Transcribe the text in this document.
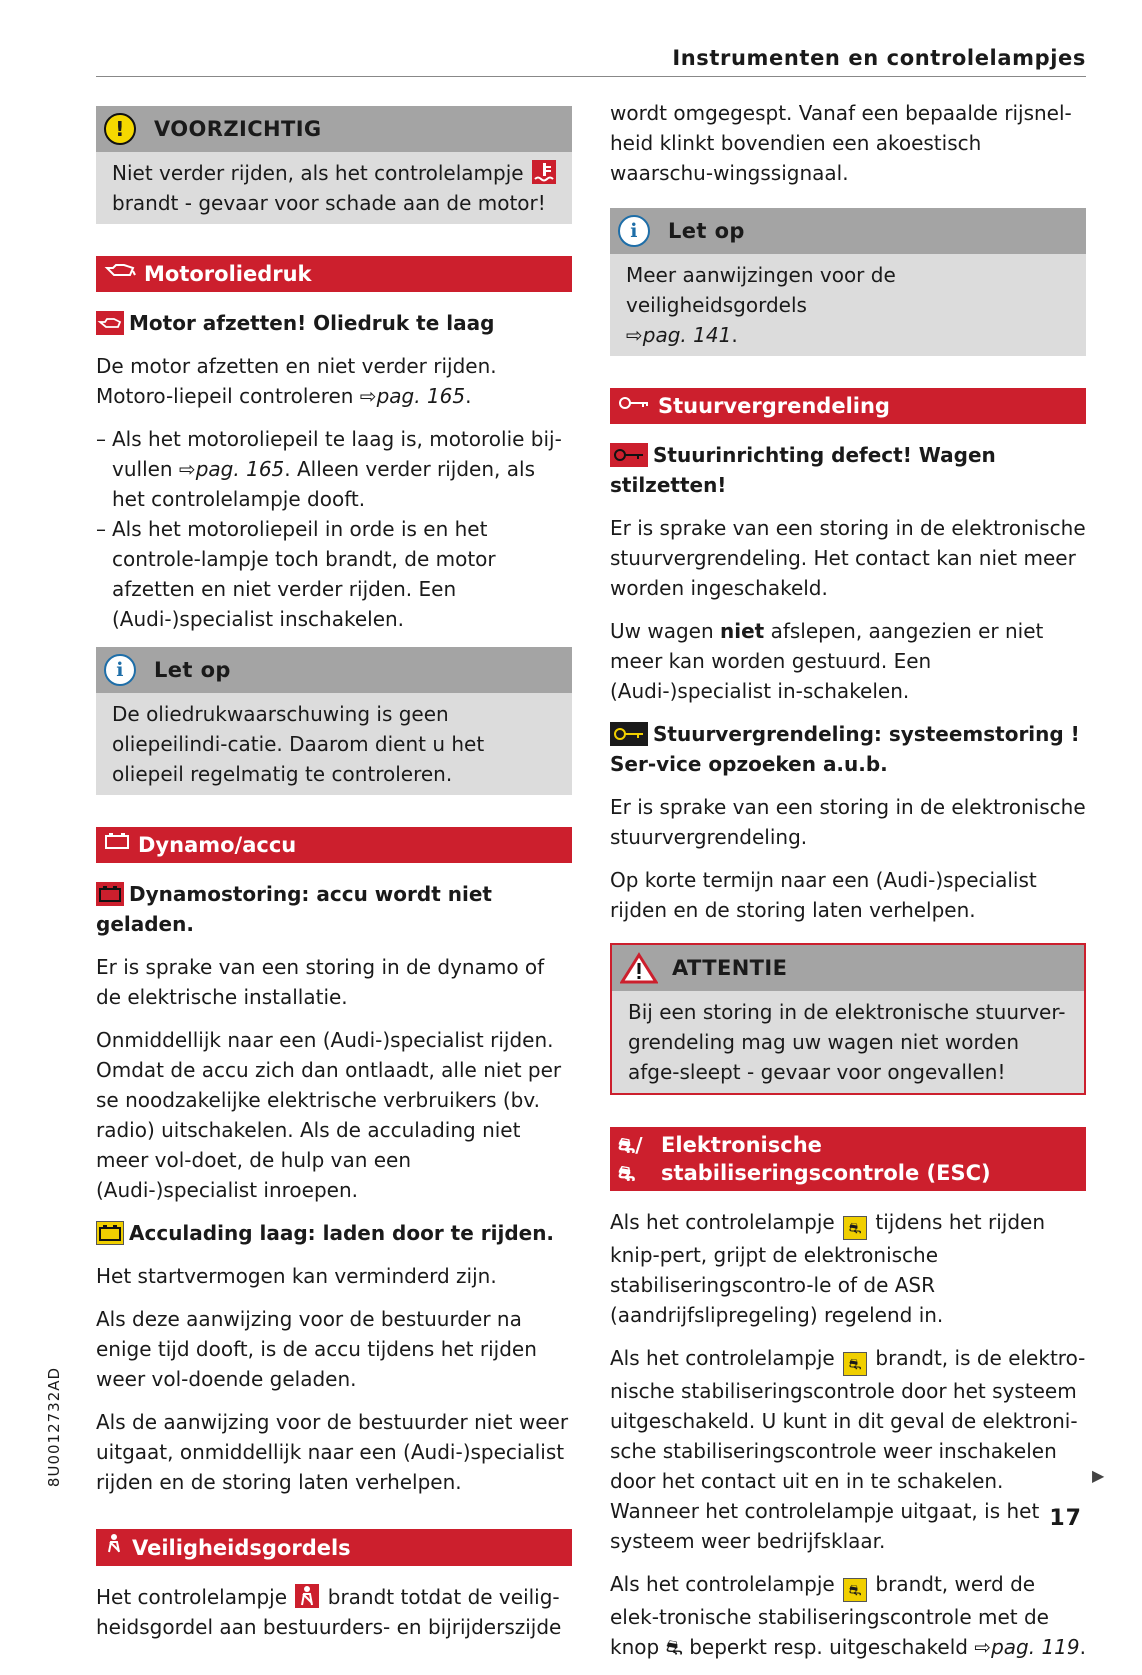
Instrumenten en controlelampjes
!	VOORZICHTIG
Niet verder rijden, als het controlelampje
brandt - gevaar voor schade aan de motor!
Motoroliedruk
Motor afzetten! Oliedruk te laag

De motor afzetten en niet verder rijden. Motoro-liepeil controleren ⇨pag. 165.

– Als het motoroliepeil te laag is, motorolie bij-vullen ⇨pag. 165. Alleen verder rijden, als het controlelampje dooft.
– Als het motoroliepeil in orde is en het controle-lampje toch brandt, de motor afzetten en niet verder rijden. Een (Audi-)specialist inschakelen.
i	Let op
De oliedrukwaarschuwing is geen oliepeilindi-catie. Daarom dient u het oliepeil regelmatig te controleren.
Dynamo/accu
Dynamostoring: accu wordt niet geladen.

Er is sprake van een storing in de dynamo of de elektrische installatie.

Onmiddellijk naar een (Audi-)specialist rijden. Omdat de accu zich dan ontlaadt, alle niet per se noodzakelijke elektrische verbruikers (bv. radio) uitschakelen. Als de acculading niet meer vol-doet, de hulp van een (Audi-)specialist inroepen.

Acculading laag: laden door te rijden.

Het startvermogen kan verminderd zijn.

Als deze aanwijzing voor de bestuurder na enige tijd dooft, is de accu tijdens het rijden weer vol-doende geladen.

Als de aanwijzing voor de bestuurder niet weer uitgaat, onmiddellijk naar een (Audi-)specialist rijden en de storing laten verhelpen.

Veiligheidsgordels

Het controlelampje brandt totdat de veilig-heidsgordel aan bestuurders- en bijrijderszijde

wordt omgegespt. Vanaf een bepaalde rijsnel-heid klinkt bovendien een akoestisch waarschu-wingssignaal.

i	Let op
Meer aanwijzingen voor de veiligheidsgordels
⇨pag. 141.
Stuurvergrendeling
Stuurinrichting defect! Wagen stilzetten!

Er is sprake van een storing in de elektronische stuurvergrendeling. Het contact kan niet meer worden ingeschakeld.

Uw wagen niet afslepen, aangezien er niet meer kan worden gestuurd. Een (Audi-)specialist in-schakelen.

Stuurvergrendeling: systeemstoring ! Ser-vice opzoeken a.u.b.

Er is sprake van een storing in de elektronische stuurvergrendeling.

Op korte termijn naar een (Audi-)specialist rijden en de storing laten verhelpen.

ATTENTIE
Bij een storing in de elektronische stuurver-grendeling mag uw wagen niet worden afge-sleept - gevaar voor ongevallen!
⛐/⛐
Elektronische stabiliseringscontrole (ESC)

Als het controlelampje ⛐ tijdens het rijden knip-pert, grijpt de elektronische stabiliseringscontro-le of de ASR (aandrijfslipregeling) regelend in.

Als het controlelampje ⛐ brandt, is de elektro-nische stabiliseringscontrole door het systeem uitgeschakeld. U kunt in dit geval de elektroni-sche stabiliseringscontrole weer inschakelen door het contact uit en in te schakelen. Wanneer het controlelampje uitgaat, is het systeem weer bedrijfsklaar.

Als het controlelampje ⛐ brandt, werd de elek-tronische stabiliseringscontrole met de knop ⛐ beperkt resp. uitgeschakeld ⇨pag. 119.

▶
8U0012732AD
17
